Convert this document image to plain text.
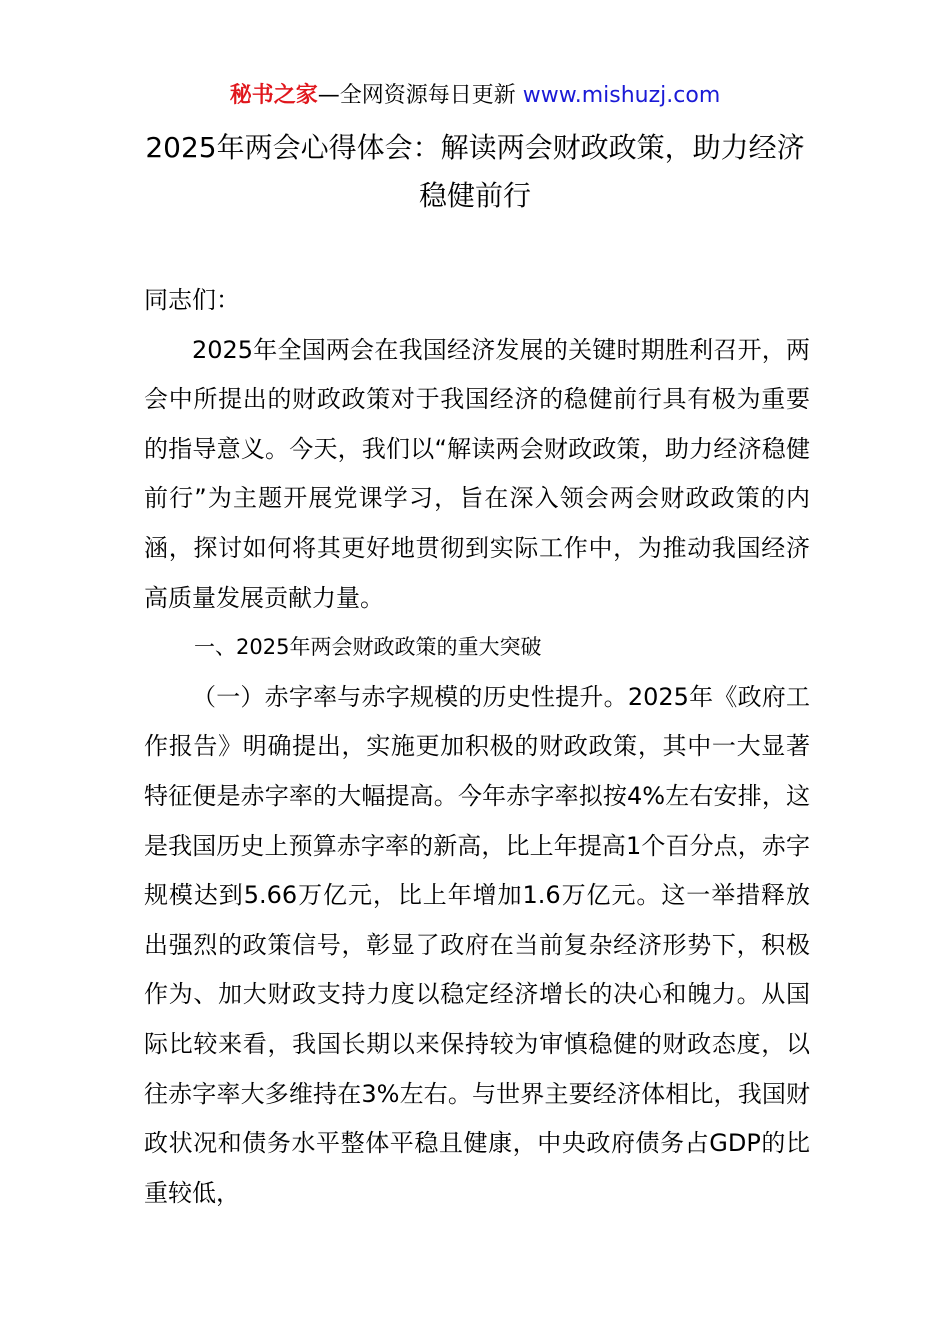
秘书之家—全网资源每日更新 www.mishuzj.com
2025年两会心得体会：解读两会财政政策，助力经济稳健前行

同志们：

2025年全国两会在我国经济发展的关键时期胜利召开，两会中所提出的财政政策对于我国经济的稳健前行具有极为重要的指导意义。今天，我们以“解读两会财政政策，助力经济稳健前行”为主题开展党课学习，旨在深入领会两会财政政策的内涵，探讨如何将其更好地贯彻到实际工作中，为推动我国经济高质量发展贡献力量。

一、2025年两会财政政策的重大突破

（一）赤字率与赤字规模的历史性提升。2025年《政府工作报告》明确提出，实施更加积极的财政政策，其中一大显著特征便是赤字率的大幅提高。今年赤字率拟按4%左右安排，这是我国历史上预算赤字率的新高，比上年提高1个百分点，赤字规模达到5.66万亿元，比上年增加1.6万亿元。这一举措释放出强烈的政策信号，彰显了政府在当前复杂经济形势下，积极作为、加大财政支持力度以稳定经济增长的决心和魄力。从国际比较来看，我国长期以来保持较为审慎稳健的财政态度，以往赤字率大多维持在3%左右。与世界主要经济体相比，我国财政状况和债务水平整体平稳且健康，中央政府债务占GDP的比重较低，
